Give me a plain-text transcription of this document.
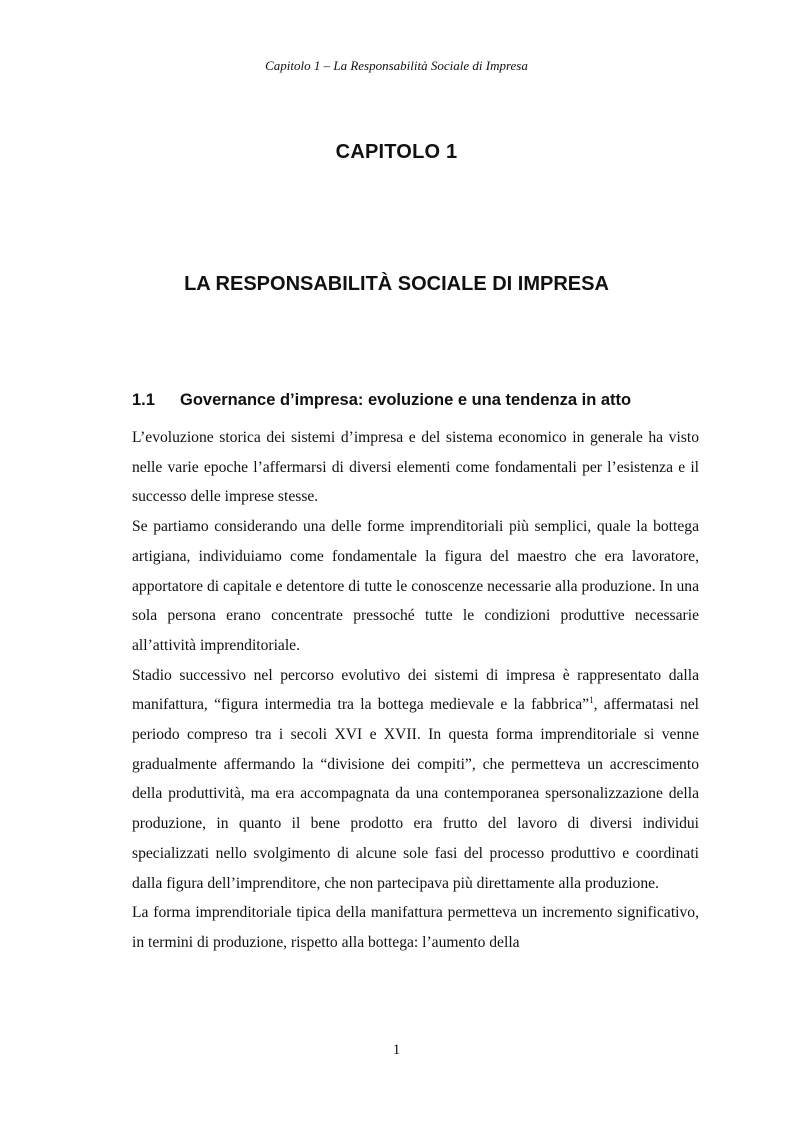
Capitolo 1 – La Responsabilità Sociale di Impresa
CAPITOLO 1
LA RESPONSABILITÀ SOCIALE DI IMPRESA
1.1 Governance d’impresa: evoluzione e una tendenza in atto

L’evoluzione storica dei sistemi d’impresa e del sistema economico in generale ha visto nelle varie epoche l’affermarsi di diversi elementi come fondamentali per l’esistenza e il successo delle imprese stesse.

Se partiamo considerando una delle forme imprenditoriali più semplici, quale la bottega artigiana, individuiamo come fondamentale la figura del maestro che era lavoratore, apportatore di capitale e detentore di tutte le conoscenze necessarie alla produzione. In una sola persona erano concentrate pressoché tutte le condizioni produttive necessarie all’attività imprenditoriale.

Stadio successivo nel percorso evolutivo dei sistemi di impresa è rappresentato dalla manifattura, “figura intermedia tra la bottega medievale e la fabbrica”$^1$, affermatasi nel periodo compreso tra i secoli XVI e XVII. In questa forma imprenditoriale si venne gradualmente affermando la “divisione dei compiti”, che permetteva un accrescimento della produttività, ma era accompagnata da una contemporanea spersonalizzazione della produzione, in quanto il bene prodotto era frutto del lavoro di diversi individui specializzati nello svolgimento di alcune sole fasi del processo produttivo e coordinati dalla figura dell’imprenditore, che non partecipava più direttamente alla produzione.

La forma imprenditoriale tipica della manifattura permetteva un incremento significativo, in termini di produzione, rispetto alla bottega: l’aumento della

1
